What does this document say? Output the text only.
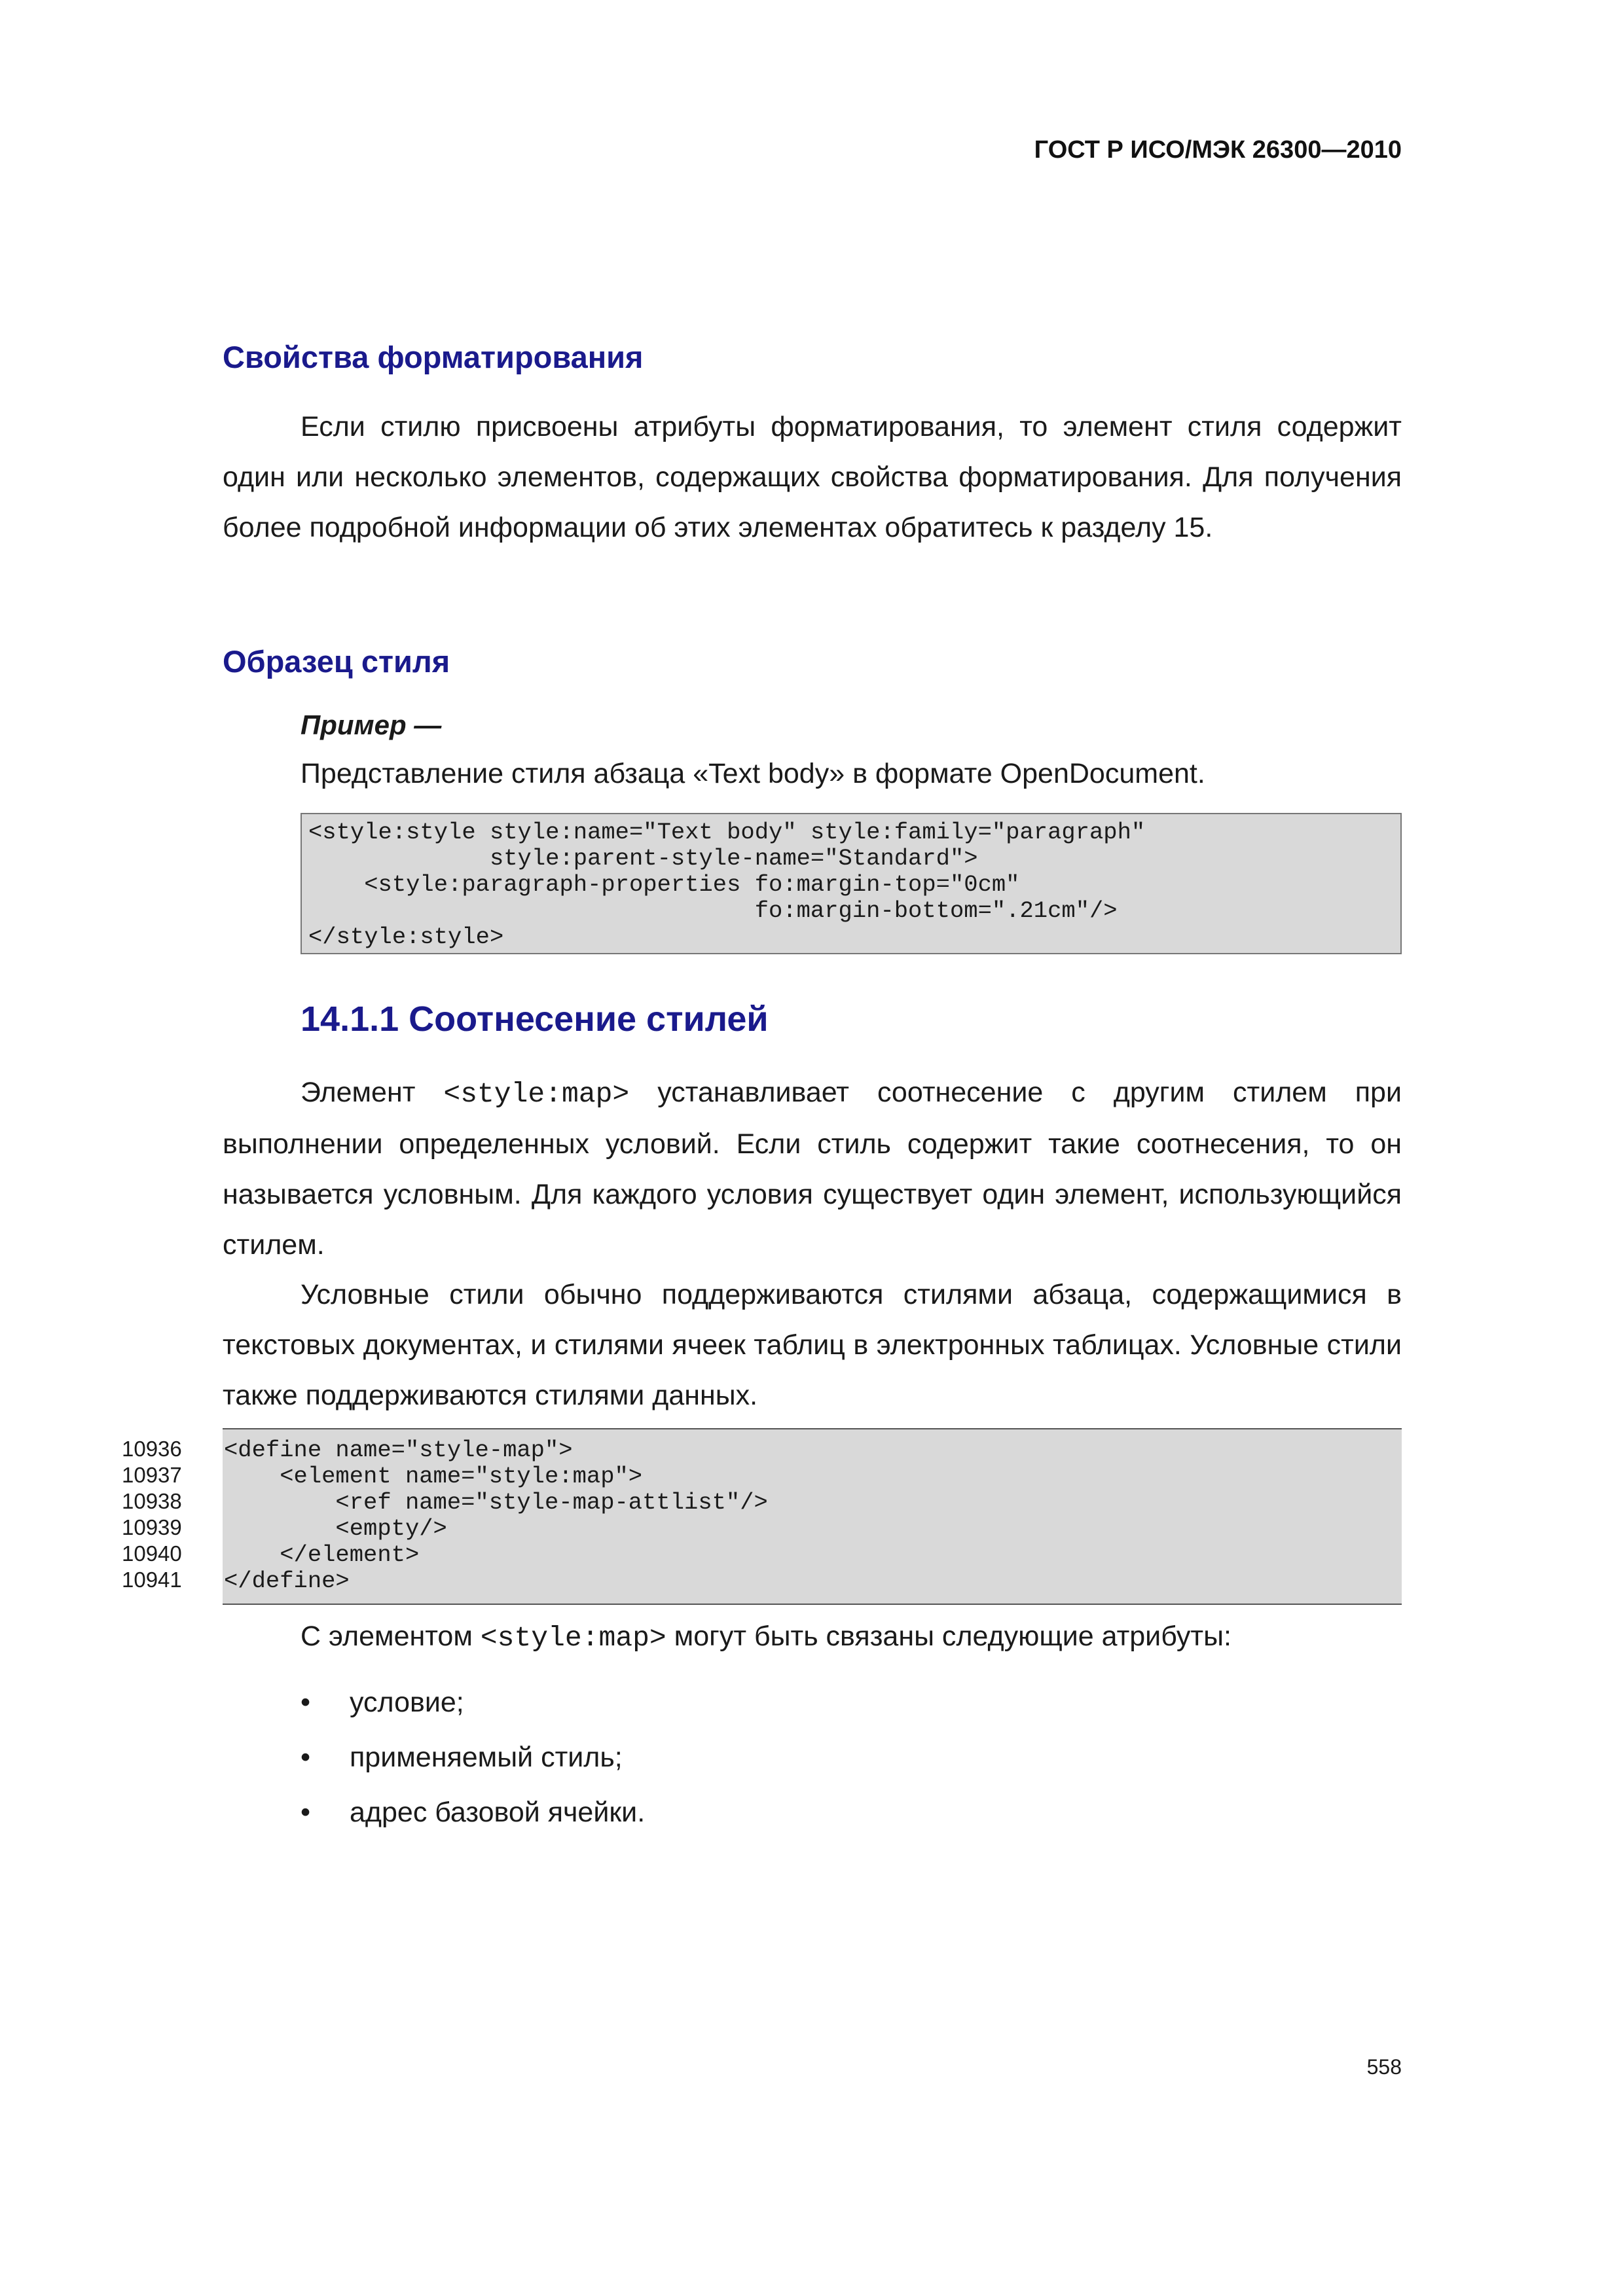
ГОСТ Р ИСО/МЭК 26300—2010
Свойства форматирования

Если стилю присвоены атрибуты форматирования, то элемент стиля содержит один или несколько элементов, содержащих свойства форматирования. Для получения более подробной информации об этих элементах обратитесь к разделу 15.

Образец стиля
Пример —
Представление стиля абзаца «Text body» в формате OpenDocument.
<style:style style:name="Text body" style:family="paragraph"
style:parent-style-name="Standard">
<style:paragraph-properties fo:margin-top="0cm"
fo:margin-bottom=".21cm"/>
</style:style>
14.1.1 Соотнесение стилей

Элемент <style:map> устанавливает соотнесение с другим стилем при выполнении определенных условий. Если стиль содержит такие соотнесения, то он называется условным. Для каждого условия существует один элемент, использующийся стилем.

Условные стили обычно поддерживаются стилями абзаца, содержащимися в текстовых документах, и стилями ячеек таблиц в электронных таблицах. Условные стили также поддерживаются стилями данных.

10936
10937
10938
10939
10940
10941
<define name="style-map">
<element name="style:map">
<ref name="style-map-attlist"/>
<empty/>
</element>
</define>
С элементом <style:map> могут быть связаны следующие атрибуты:
• условие;
• применяемый стиль;
• адрес базовой ячейки.
558
